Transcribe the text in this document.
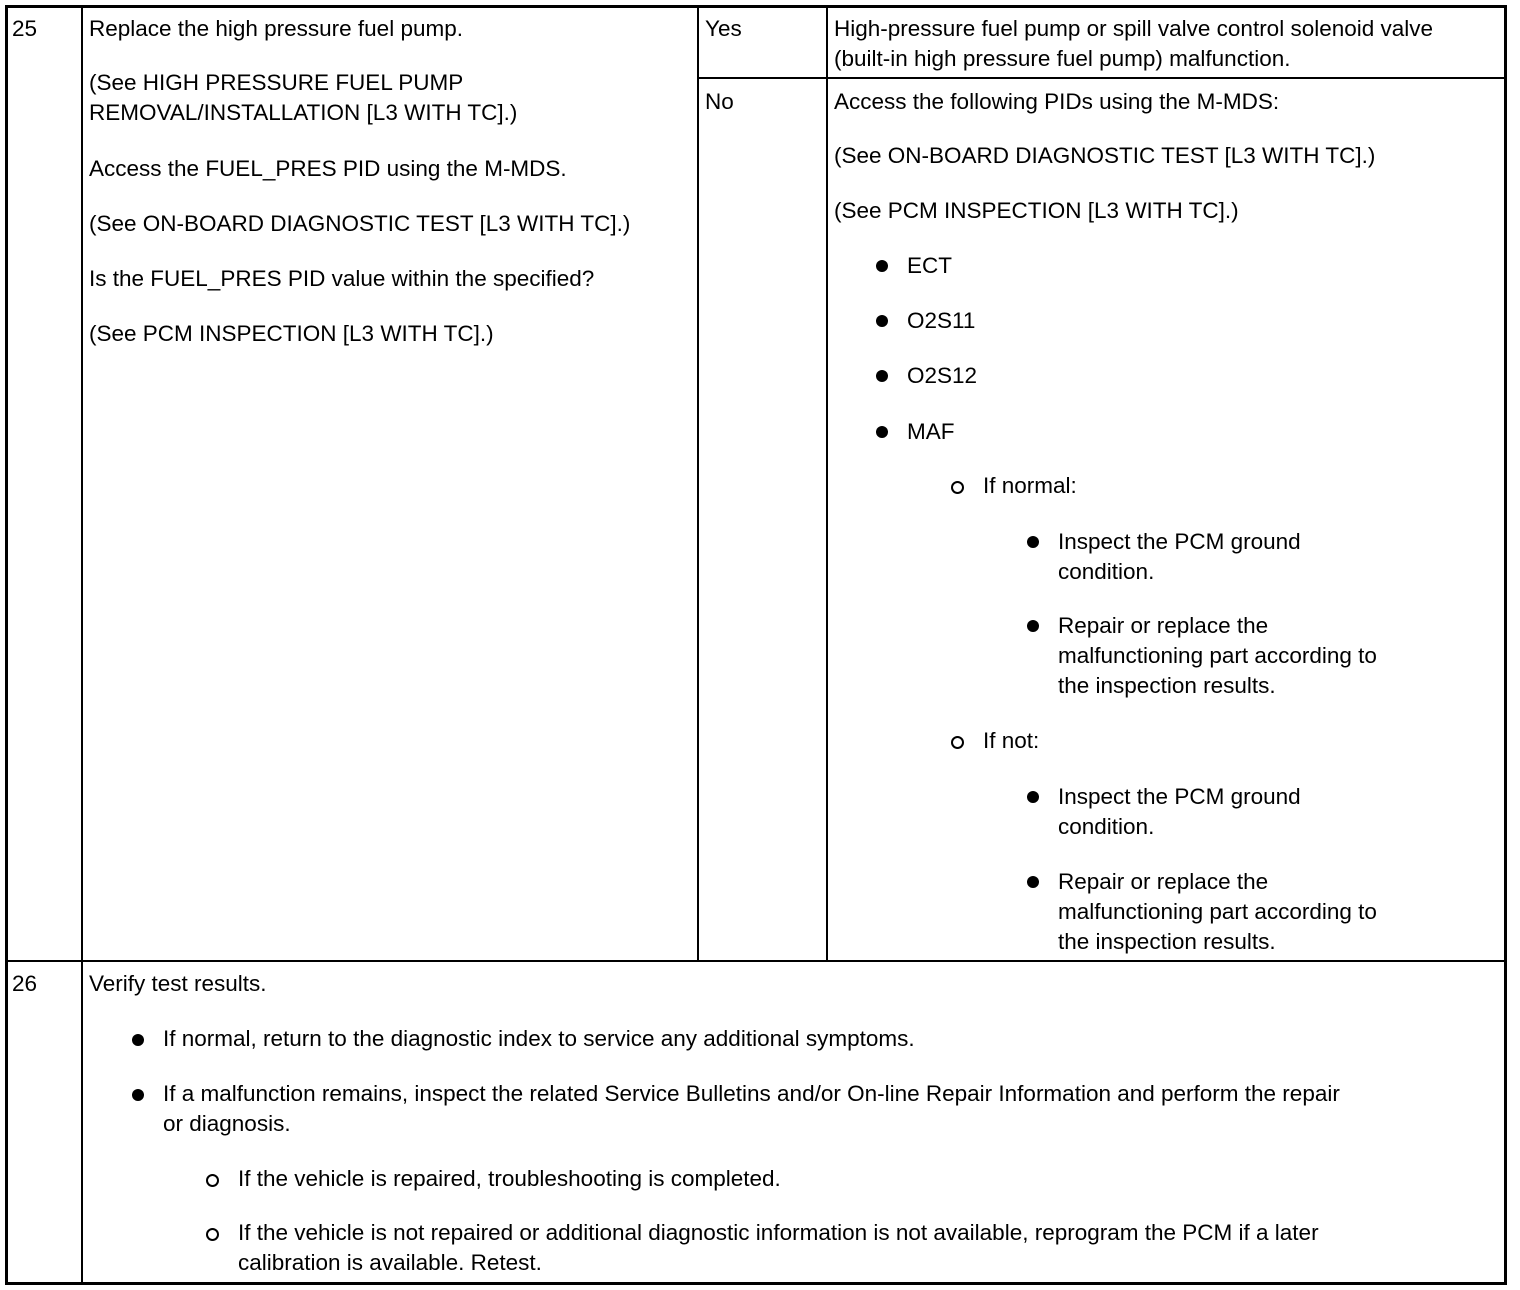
25 Replace the high pressure fuel pump.
(See HIGH PRESSURE FUEL PUMP
REMOVAL/INSTALLATION [L3 WITH TC].)
Access the FUEL_PRES PID using the M-MDS.
(See ON-BOARD DIAGNOSTIC TEST [L3 WITH TC].)
Is the FUEL_PRES PID value within the specified?
(See PCM INSPECTION [L3 WITH TC].)
Yes	High-pressure fuel pump or spill valve control solenoid valve
(built-in high pressure fuel pump) malfunction.
No	Access the following PIDs using the M-MDS:
(See ON-BOARD DIAGNOSTIC TEST [L3 WITH TC].)
(See PCM INSPECTION [L3 WITH TC].)
ECT
O2S11
O2S12
MAF
If normal:
Inspect the PCM ground
condition.
Repair or replace the
malfunctioning part according to
the inspection results.
If not:
Inspect the PCM ground
condition.
Repair or replace the
malfunctioning part according to
the inspection results.
26 Verify test results.
If normal, return to the diagnostic index to service any additional symptoms.
If a malfunction remains, inspect the related Service Bulletins and/or On-line Repair Information and perform the repair
or diagnosis.
If the vehicle is repaired, troubleshooting is completed.
If the vehicle is not repaired or additional diagnostic information is not available, reprogram the PCM if a later
calibration is available. Retest.
